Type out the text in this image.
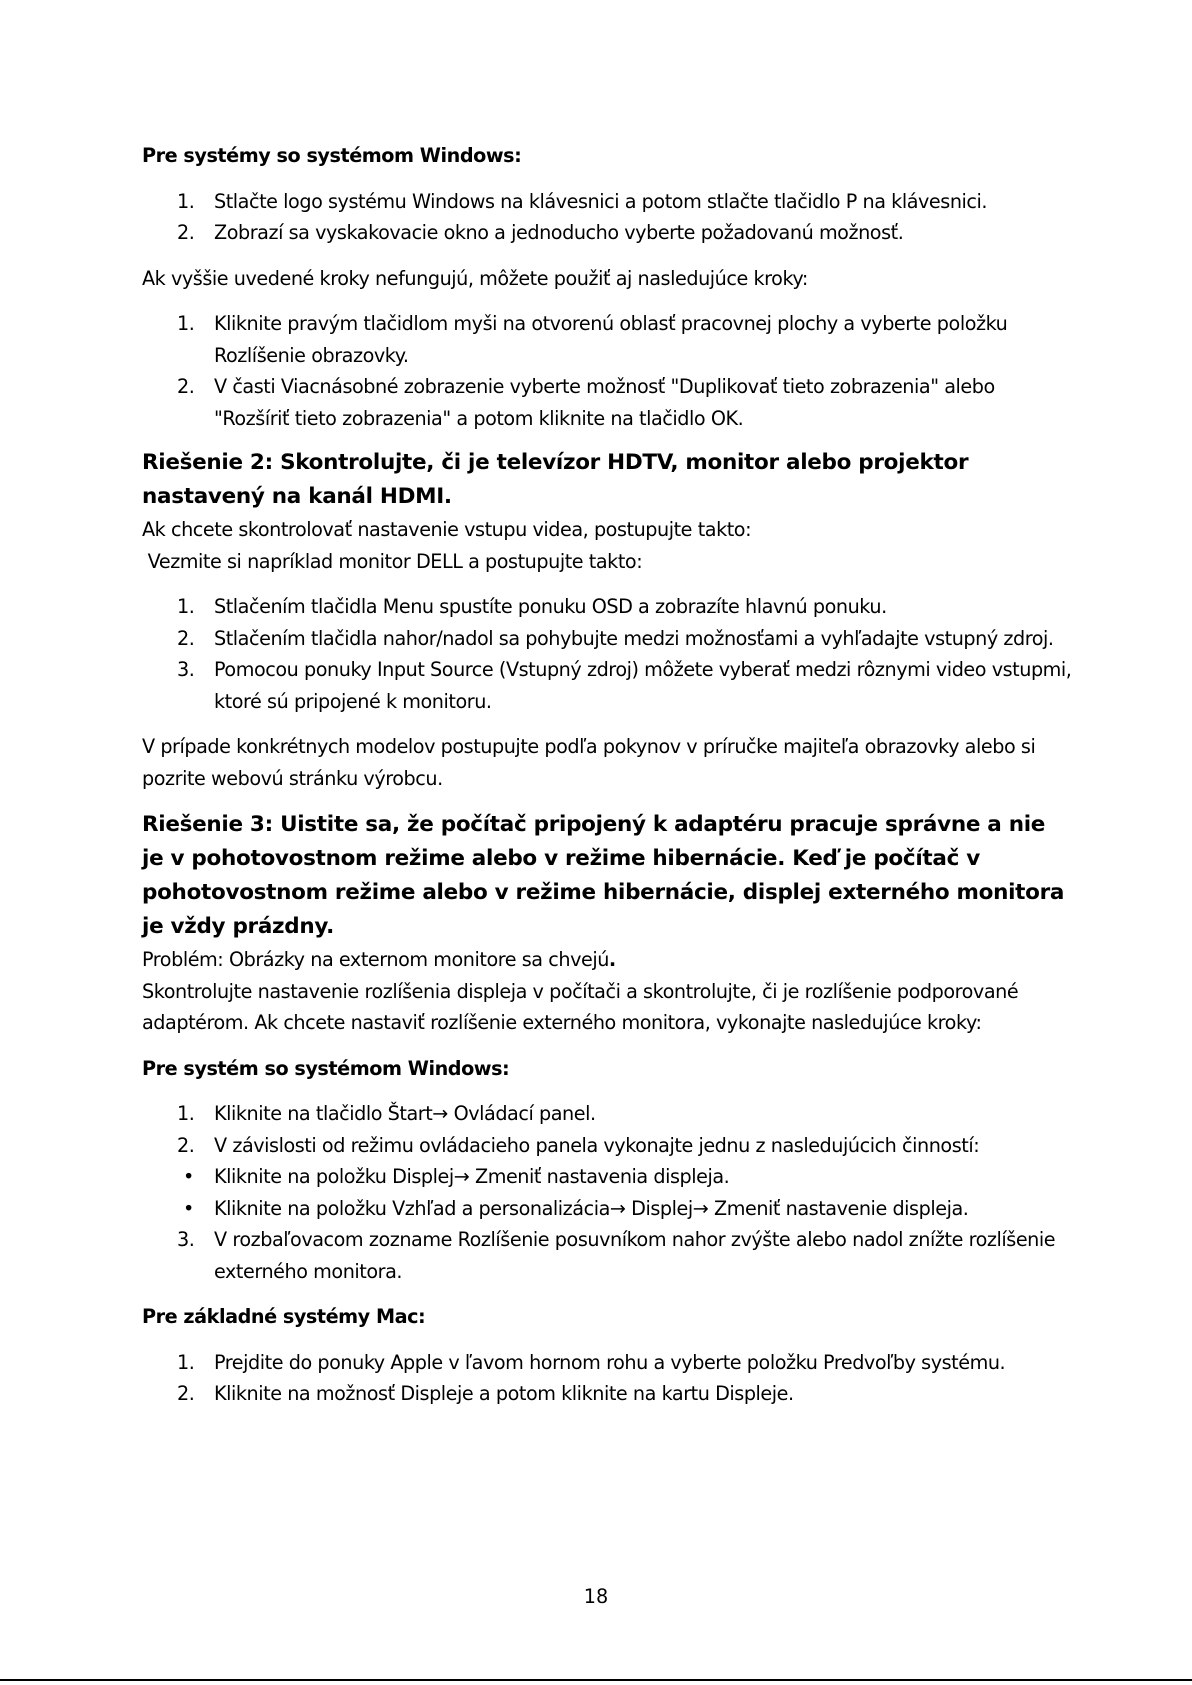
Pre systémy so systémom Windows:

1.	Stlačte logo systému Windows na klávesnici a potom stlačte tlačidlo P na klávesnici.
2.	Zobrazí sa vyskakovacie okno a jednoducho vyberte požadovanú možnosť.

Ak vyššie uvedené kroky nefungujú, môžete použiť aj nasledujúce kroky:

1.	Kliknite pravým tlačidlom myši na otvorenú oblasť pracovnej plochy a vyberte položku Rozlíšenie obrazovky.
2.	V časti Viacnásobné zobrazenie vyberte možnosť "Duplikovať tieto zobrazenia" alebo "Rozšíriť tieto zobrazenia" a potom kliknite na tlačidlo OK.

Riešenie 2: Skontrolujte, či je televízor HDTV, monitor alebo projektor nastavený na kanál HDMI.

Ak chcete skontrolovať nastavenie vstupu videa, postupujte takto:

Vezmite si napríklad monitor DELL a postupujte takto:

1.	Stlačením tlačidla Menu spustíte ponuku OSD a zobrazíte hlavnú ponuku.
2.	Stlačením tlačidla nahor/nadol sa pohybujte medzi možnosťami a vyhľadajte vstupný zdroj.
3.	Pomocou ponuky Input Source (Vstupný zdroj) môžete vyberať medzi rôznymi video vstupmi, ktoré sú pripojené k monitoru.

V prípade konkrétnych modelov postupujte podľa pokynov v príručke majiteľa obrazovky alebo si pozrite webovú stránku výrobcu.

Riešenie 3: Uistite sa, že počítač pripojený k adaptéru pracuje správne a nie je v pohotovostnom režime alebo v režime hibernácie. Keď je počítač v pohotovostnom režime alebo v režime hibernácie, displej externého monitora je vždy prázdny.

Problém: Obrázky na externom monitore sa chvejú.

Skontrolujte nastavenie rozlíšenia displeja v počítači a skontrolujte, či je rozlíšenie podporované adaptérom. Ak chcete nastaviť rozlíšenie externého monitora, vykonajte nasledujúce kroky:

Pre systém so systémom Windows:

1.	Kliknite na tlačidlo Štart→ Ovládací panel.
2.	V závislosti od režimu ovládacieho panela vykonajte jednu z nasledujúcich činností:
• Kliknite na položku Displej→ Zmeniť nastavenia displeja.
• Kliknite na položku Vzhľad a personalizácia→ Displej→ Zmeniť nastavenie displeja.
3.	V rozbaľovacom zozname Rozlíšenie posuvníkom nahor zvýšte alebo nadol znížte rozlíšenie externého monitora.

Pre základné systémy Mac:

1.	Prejdite do ponuky Apple v ľavom hornom rohu a vyberte položku Predvoľby systému.
2.	Kliknite na možnosť Displeje a potom kliknite na kartu Displeje.
18
